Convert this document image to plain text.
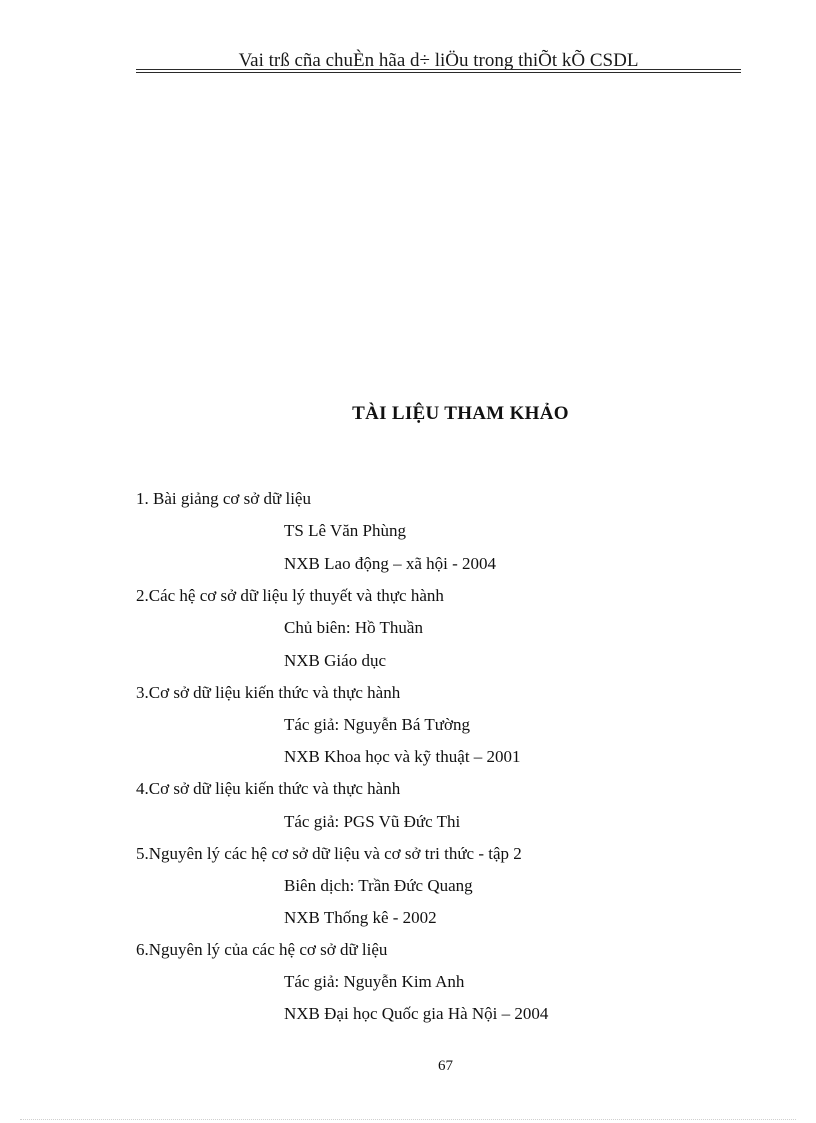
Vai trß cña chuÈn hãa d÷ liÖu trong thiÕt kÕ CSDL
TÀI LIỆU THAM KHẢO
1. Bài giảng cơ sở dữ liệu
TS Lê Văn Phùng
NXB Lao động – xã hội - 2004
2.Các hệ cơ sở dữ liệu lý thuyết và thực hành
Chủ biên: Hồ Thuần
NXB Giáo dục
3.Cơ sở dữ liệu kiến thức và thực hành
Tác giả: Nguyễn Bá Tường
NXB Khoa học và kỹ thuật – 2001
4.Cơ sở dữ liệu kiến thức và thực hành
Tác giả: PGS Vũ Đức Thi
5.Nguyên lý các hệ cơ sở dữ liệu và cơ sở tri thức - tập 2
Biên dịch: Trần Đức Quang
NXB Thống kê - 2002
6.Nguyên lý của các hệ cơ sở dữ liệu
Tác giả: Nguyễn Kim Anh
NXB Đại học Quốc gia Hà Nội – 2004
67
